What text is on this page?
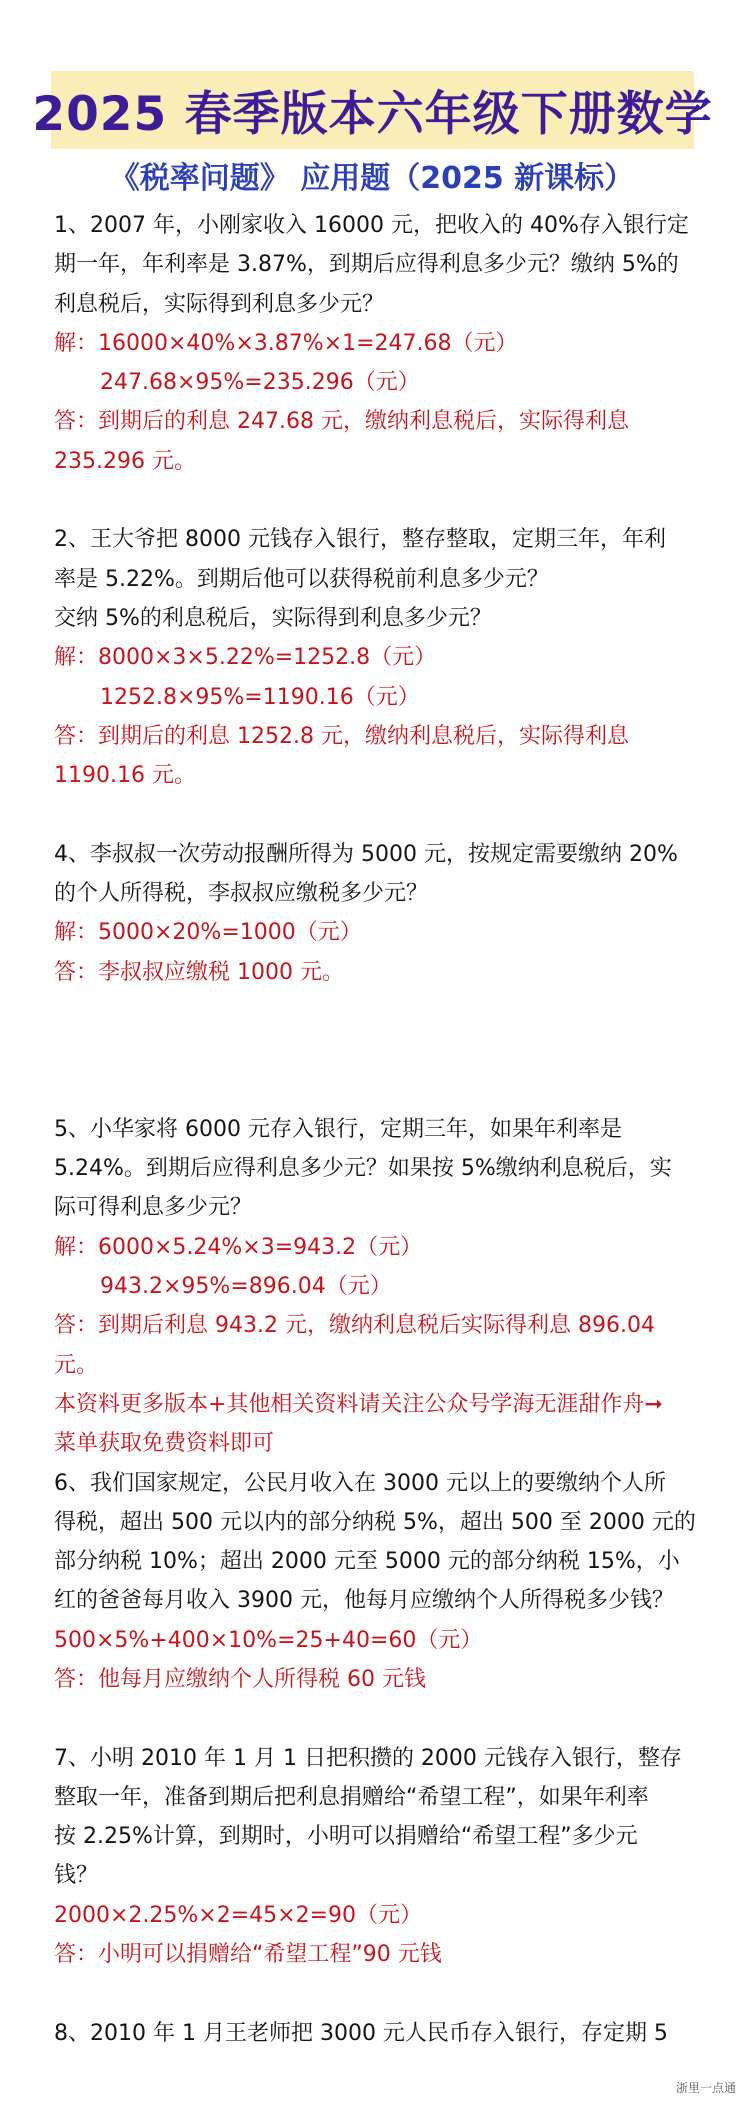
2025 春季版本六年级下册数学
《税率问题》 应用题（2025 新课标）
1、2007 年，小刚家收入 16000 元，把收入的 40%存入银行定
期一年，年利率是 3.87%，到期后应得利息多少元？缴纳 5%的
利息税后，实际得到利息多少元？
解：16000×40%×3.87%×1=247.68（元）
247.68×95%=235.296（元）
答：到期后的利息 247.68 元，缴纳利息税后，实际得利息
235.296 元。
2、王大爷把 8000 元钱存入银行，整存整取，定期三年，年利
率是 5.22%。到期后他可以获得税前利息多少元？
交纳 5%的利息税后，实际得到利息多少元？
解：8000×3×5.22%=1252.8（元）
1252.8×95%=1190.16（元）
答：到期后的利息 1252.8 元，缴纳利息税后，实际得利息
1190.16 元。
4、李叔叔一次劳动报酬所得为 5000 元，按规定需要缴纳 20%
的个人所得税，李叔叔应缴税多少元？
解：5000×20%=1000（元）
答：李叔叔应缴税 1000 元。
5、小华家将 6000 元存入银行，定期三年，如果年利率是
5.24%。到期后应得利息多少元？如果按 5%缴纳利息税后，实
际可得利息多少元？
解：6000×5.24%×3=943.2（元）
943.2×95%=896.04（元）
答：到期后利息 943.2 元，缴纳利息税后实际得利息 896.04
元。
本资料更多版本+其他相关资料请关注公众号学海无涯甜作舟➞
菜单获取免费资料即可
6、我们国家规定，公民月收入在 3000 元以上的要缴纳个人所
得税，超出 500 元以内的部分纳税 5%，超出 500 至 2000 元的
部分纳税 10%；超出 2000 元至 5000 元的部分纳税 15%，小
红的爸爸每月收入 3900 元，他每月应缴纳个人所得税多少钱？
500×5%+400×10%=25+40=60（元）
答：他每月应缴纳个人所得税 60 元钱
7、小明 2010 年 1 月 1 日把积攒的 2000 元钱存入银行，整存
整取一年，准备到期后把利息捐赠给“希望工程”，如果年利率
按 2.25%计算，到期时，小明可以捐赠给“希望工程”多少元
钱？
2000×2.25%×2=45×2=90（元）
答：小明可以捐赠给“希望工程”90 元钱
8、2010 年 1 月王老师把 3000 元人民币存入银行，存定期 5
浙里一点通
